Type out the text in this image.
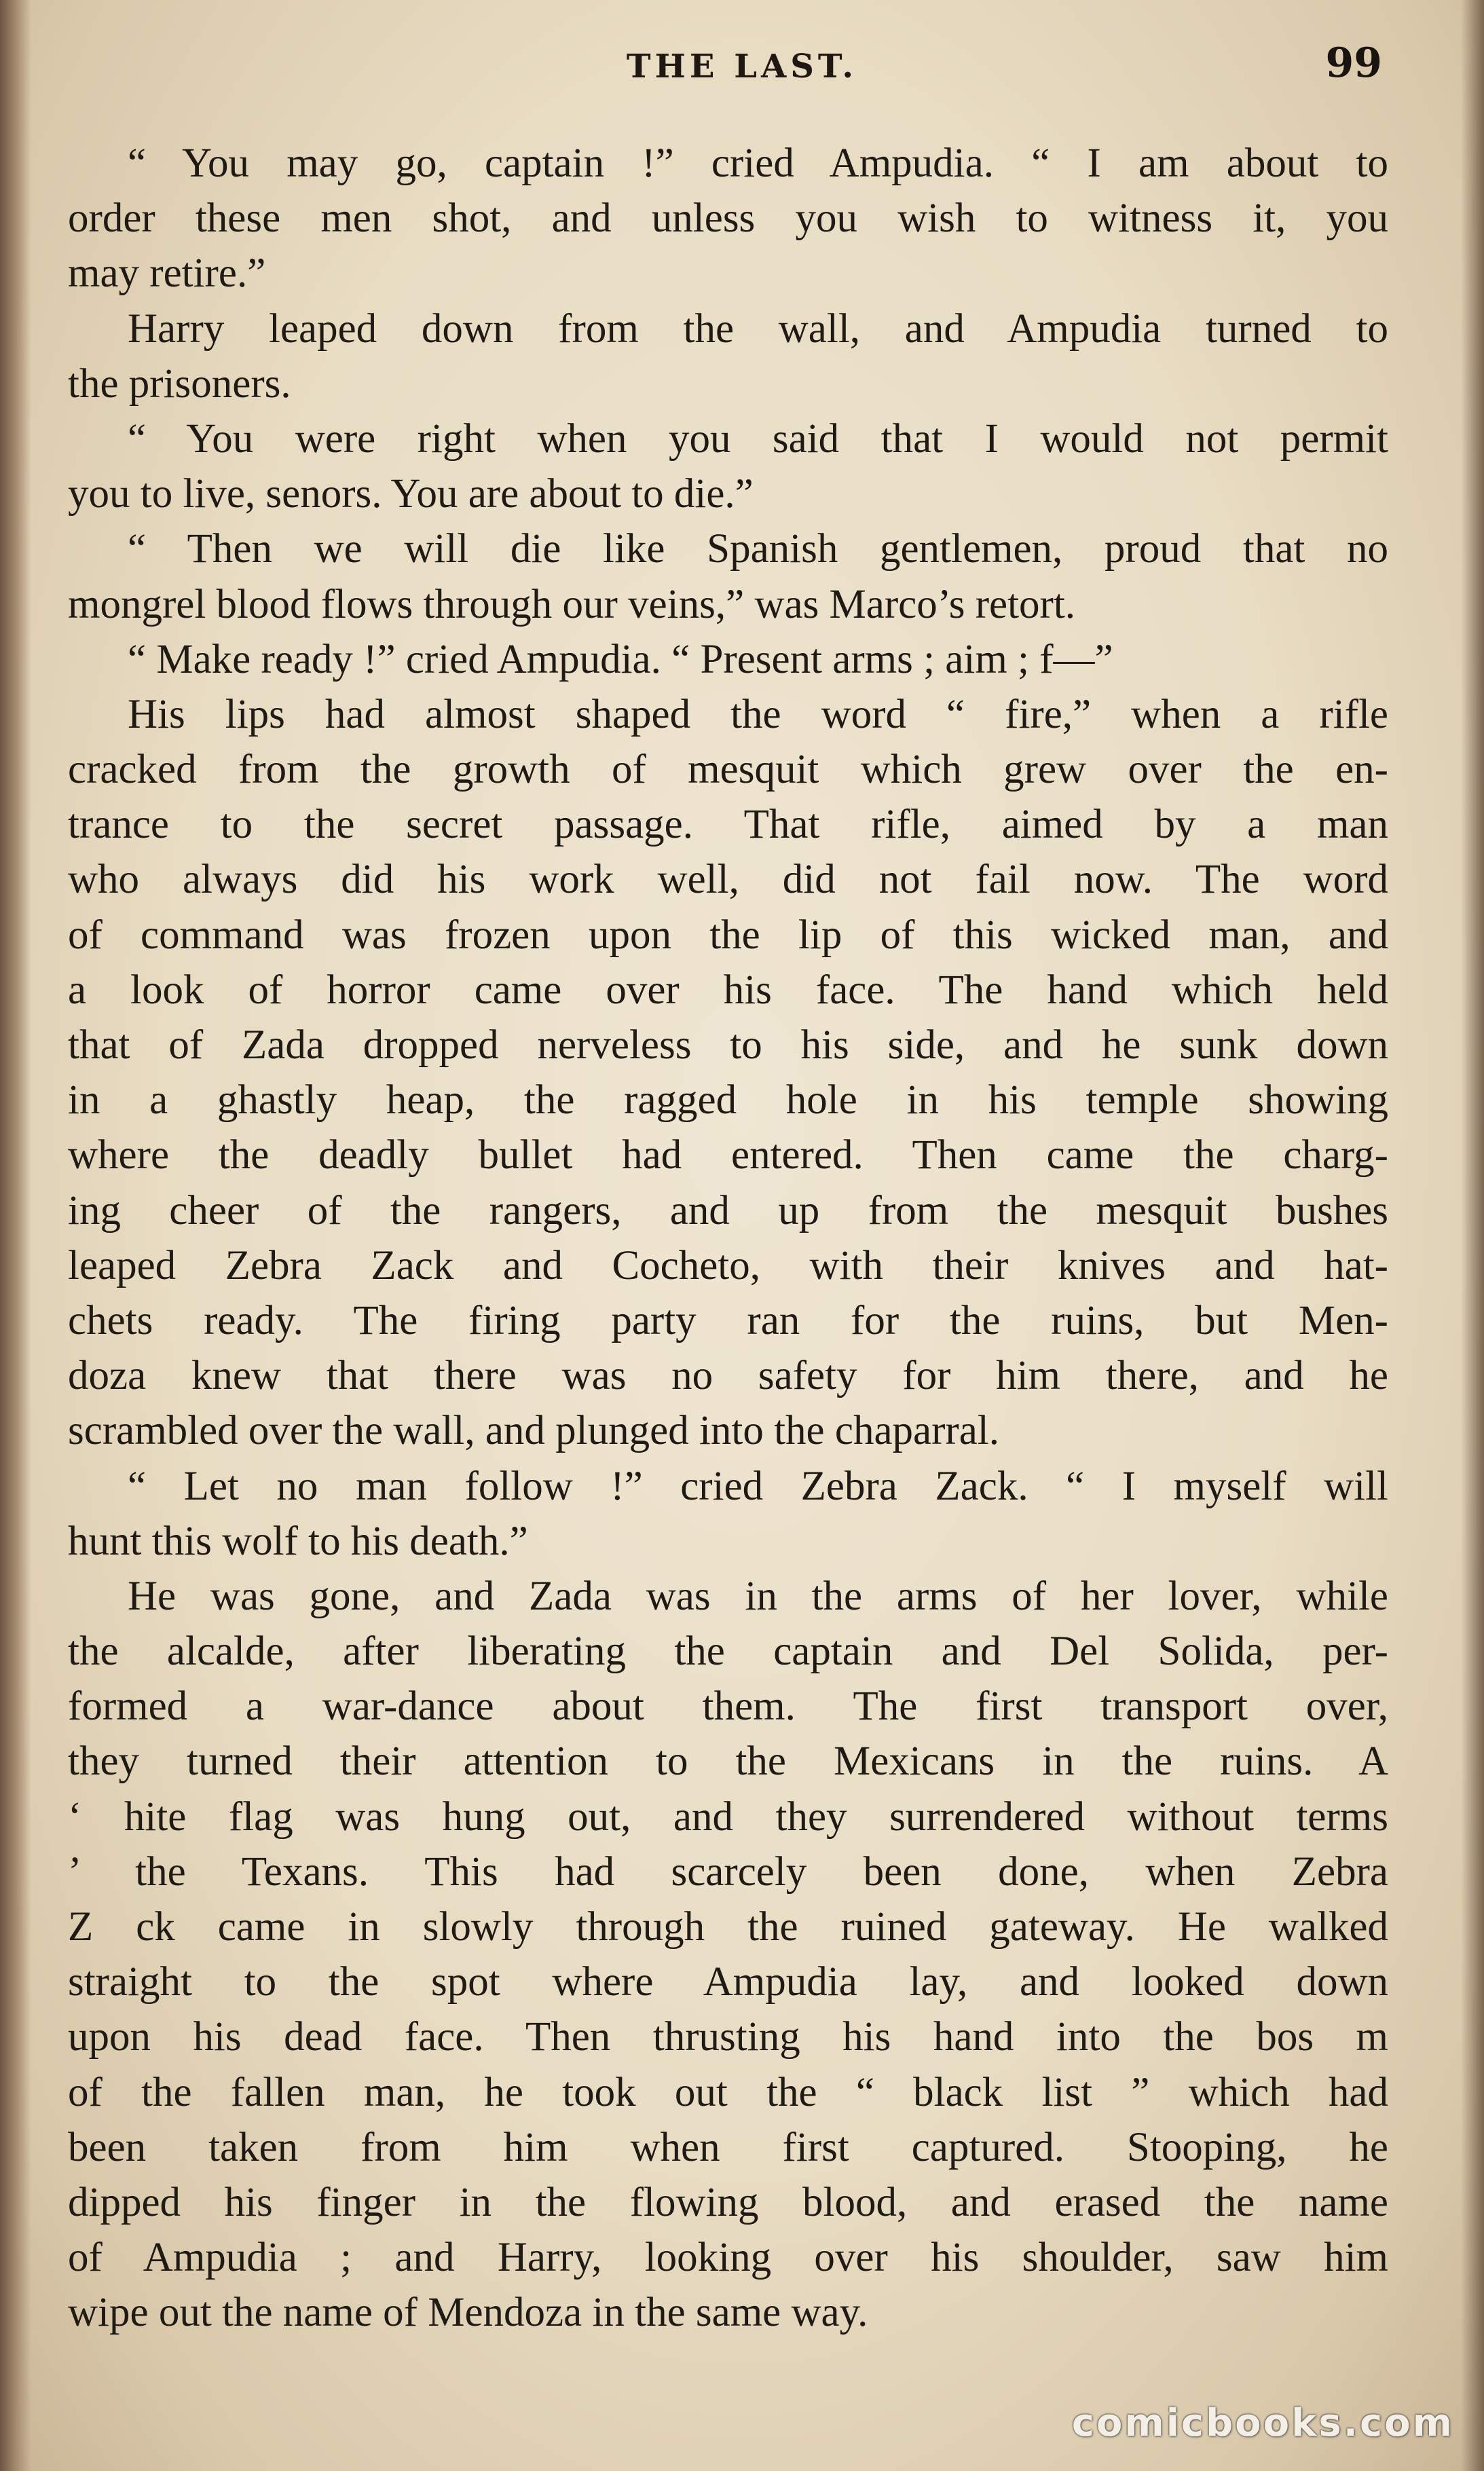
THE LAST.	99
“ You may go, captain !” cried Ampudia. “ I am about to
order these men shot, and unless you wish to witness it, you
may retire.”
Harry leaped down from the wall, and Ampudia turned to
the prisoners.
“ You were right when you said that I would not permit
you to live, senors. You are about to die.”
“ Then we will die like Spanish gentlemen, proud that no
mongrel blood flows through our veins,” was Marco’s retort.
“ Make ready !” cried Ampudia. “ Present arms ; aim ; f—”
His lips had almost shaped the word “ fire,” when a rifle
cracked from the growth of mesquit which grew over the en-
trance to the secret passage. That rifle, aimed by a man
who always did his work well, did not fail now. The word
of command was frozen upon the lip of this wicked man, and
a look of horror came over his face. The hand which held
that of Zada dropped nerveless to his side, and he sunk down
in a ghastly heap, the ragged hole in his temple showing
where the deadly bullet had entered. Then came the charg-
ing cheer of the rangers, and up from the mesquit bushes
leaped Zebra Zack and Cocheto, with their knives and hat-
chets ready. The firing party ran for the ruins, but Men-
doza knew that there was no safety for him there, and he
scrambled over the wall, and plunged into the chaparral.
“ Let no man follow !” cried Zebra Zack. “ I myself will
hunt this wolf to his death.”
He was gone, and Zada was in the arms of her lover, while
the alcalde, after liberating the captain and Del Solida, per-
formed a war-dance about them. The first transport over,
they turned their attention to the Mexicans in the ruins. A
‘ hite flag was hung out, and they surrendered without terms
’ the Texans. This had scarcely been done, when Zebra
Z ck came in slowly through the ruined gateway. He walked
straight to the spot where Ampudia lay, and looked down
upon his dead face. Then thrusting his hand into the bos m
of the fallen man, he took out the “ black list ” which had
been taken from him when first captured. Stooping, he
dipped his finger in the flowing blood, and erased the name
of Ampudia ; and Harry, looking over his shoulder, saw him
wipe out the name of Mendoza in the same way.
comicbooks.com
